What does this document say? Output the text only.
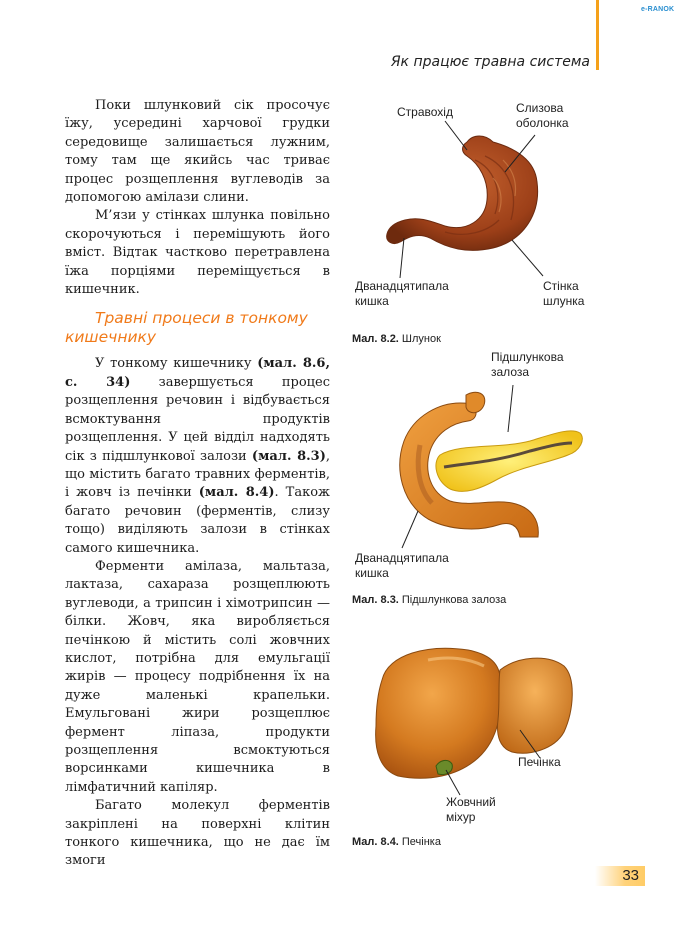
e-RANOK
Як працює травна система

Поки шлунковий сік просочує їжу, усередині харчової грудки середовище залишається лужним, тому там ще якийсь час триває процес розщеплення вуглеводів за допомогою амілази слини.

М’язи у стінках шлунка повільно скорочуються і перемішують його вміст. Відтак частково перетравлена їжа порціями переміщується в кишечник.

Травні процеси в тонкому кишечнику

У тонкому кишечнику (мал. 8.6, с. 34) завершується процес розщеплення речовин і відбувається всмоктування продуктів розщеплення. У цей відділ надходять сік з підшлункової залози (мал. 8.3), що містить багато травних ферментів, і жовч із печінки (мал. 8.4). Також багато речовин (ферментів, слизу тощо) виділяють залози в стінках самого кишечника.

Ферменти амілаза, мальтаза, лактаза, сахараза розщеплюють вуглеводи, а трипсин і хімотрипсин — білки. Жовч, яка виробляється печінкою й містить солі жовчних кислот, потрібна для емульгації жирів — процесу подрібнення їх на дуже маленькі крапельки. Емульговані жири розщеплює фермент ліпаза, продукти розщеплення всмоктуються ворсинками кишечника в лімфатичний капіляр.

Багато молекул ферментів закріплені на поверхні клітин тонкого кишечника, що не дає їм змоги

Стравохід	Слизова
оболонка
Дванадцятипала
кишка
Стінка
шлунка
Мал. 8.2. Шлунок
Підшлункова
залоза
Дванадцятипала
кишка
Мал. 8.3. Підшлункова залоза
Печінка
Жовчний
міхур
Мал. 8.4. Печінка
33
